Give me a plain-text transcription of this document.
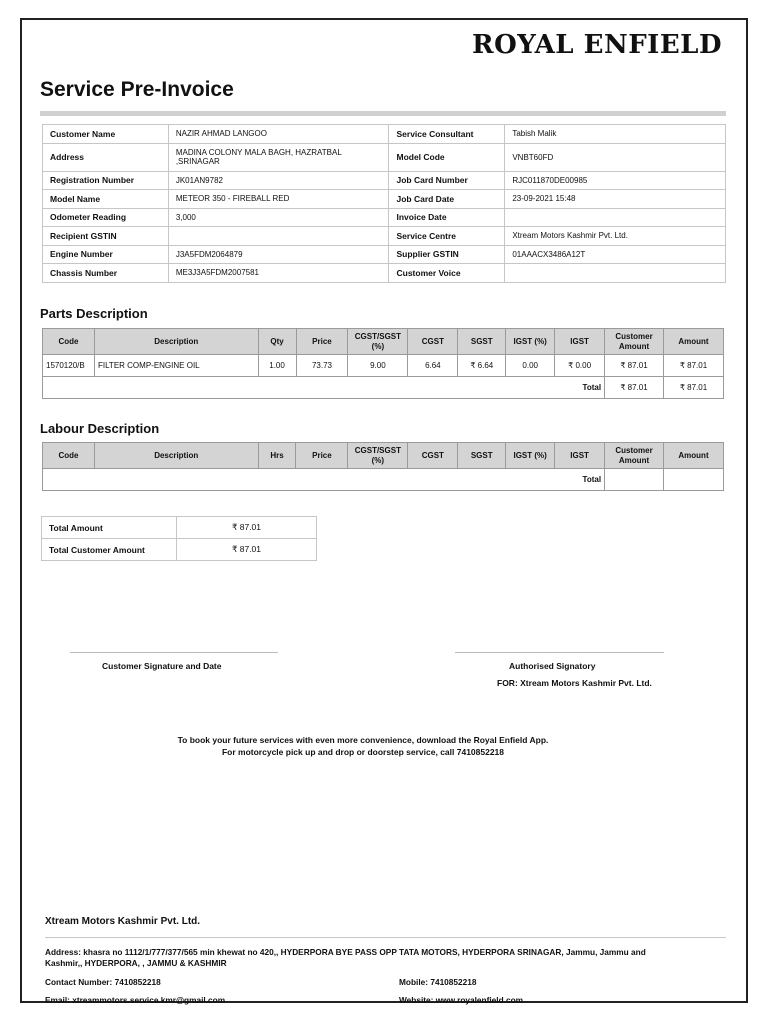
ROYAL ENFIELD
Service Pre-Invoice
Customer Name	NAZIR AHMAD LANGOO	Service Consultant	Tabish Malik
Address	MADINA COLONY MALA BAGH, HAZRATBAL ,SRINAGAR	Model Code	VNBT60FD
Registration Number	JK01AN9782	Job Card Number	RJC011870DE00985
Model Name	METEOR 350 - FIREBALL RED	Job Card Date	23-09-2021 15:48
Odometer Reading	3,000	Invoice Date	
Recipient GSTIN		Service Centre	Xtream Motors Kashmir Pvt. Ltd.
Engine Number	J3A5FDM2064879	Supplier GSTIN	01AAACX3486A12T
Chassis Number	ME3J3A5FDM2007581	Customer Voice	
Parts Description
Code	Description	Qty	Price	CGST/SGST (%)	CGST	SGST	IGST (%)	IGST	Customer Amount	Amount
1570120/B	FILTER COMP-ENGINE OIL	1.00	73.73	9.00	6.64	₹ 6.64	0.00	₹ 0.00	₹ 87.01	₹ 87.01
Total									₹ 87.01	₹ 87.01
Labour Description
Code	Description	Hrs	Price	CGST/SGST (%)	CGST	SGST	IGST (%)	IGST	Customer Amount	Amount
Total										
Total Amount	₹ 87.01
Total Customer Amount	₹ 87.01
Customer Signature and Date	Authorised Signatory
FOR: Xtream Motors Kashmir Pvt. Ltd.
To book your future services with even more convenience, download the Royal Enfield App.
For motorcycle pick up and drop or doorstep service, call 7410852218
Xtream Motors Kashmir Pvt. Ltd.
Address: khasra no 1112/1/777/377/565 min khewat no 420,, HYDERPORA BYE PASS OPP TATA MOTORS, HYDERPORA SRINAGAR, Jammu, Jammu and Kashmir,, HYDERPORA, , JAMMU & KASHMIR
Contact Number: 7410852218	Mobile: 7410852218
Email: xtreammotors.service.kmr@gmail.com	Website: www.royalenfield.com
